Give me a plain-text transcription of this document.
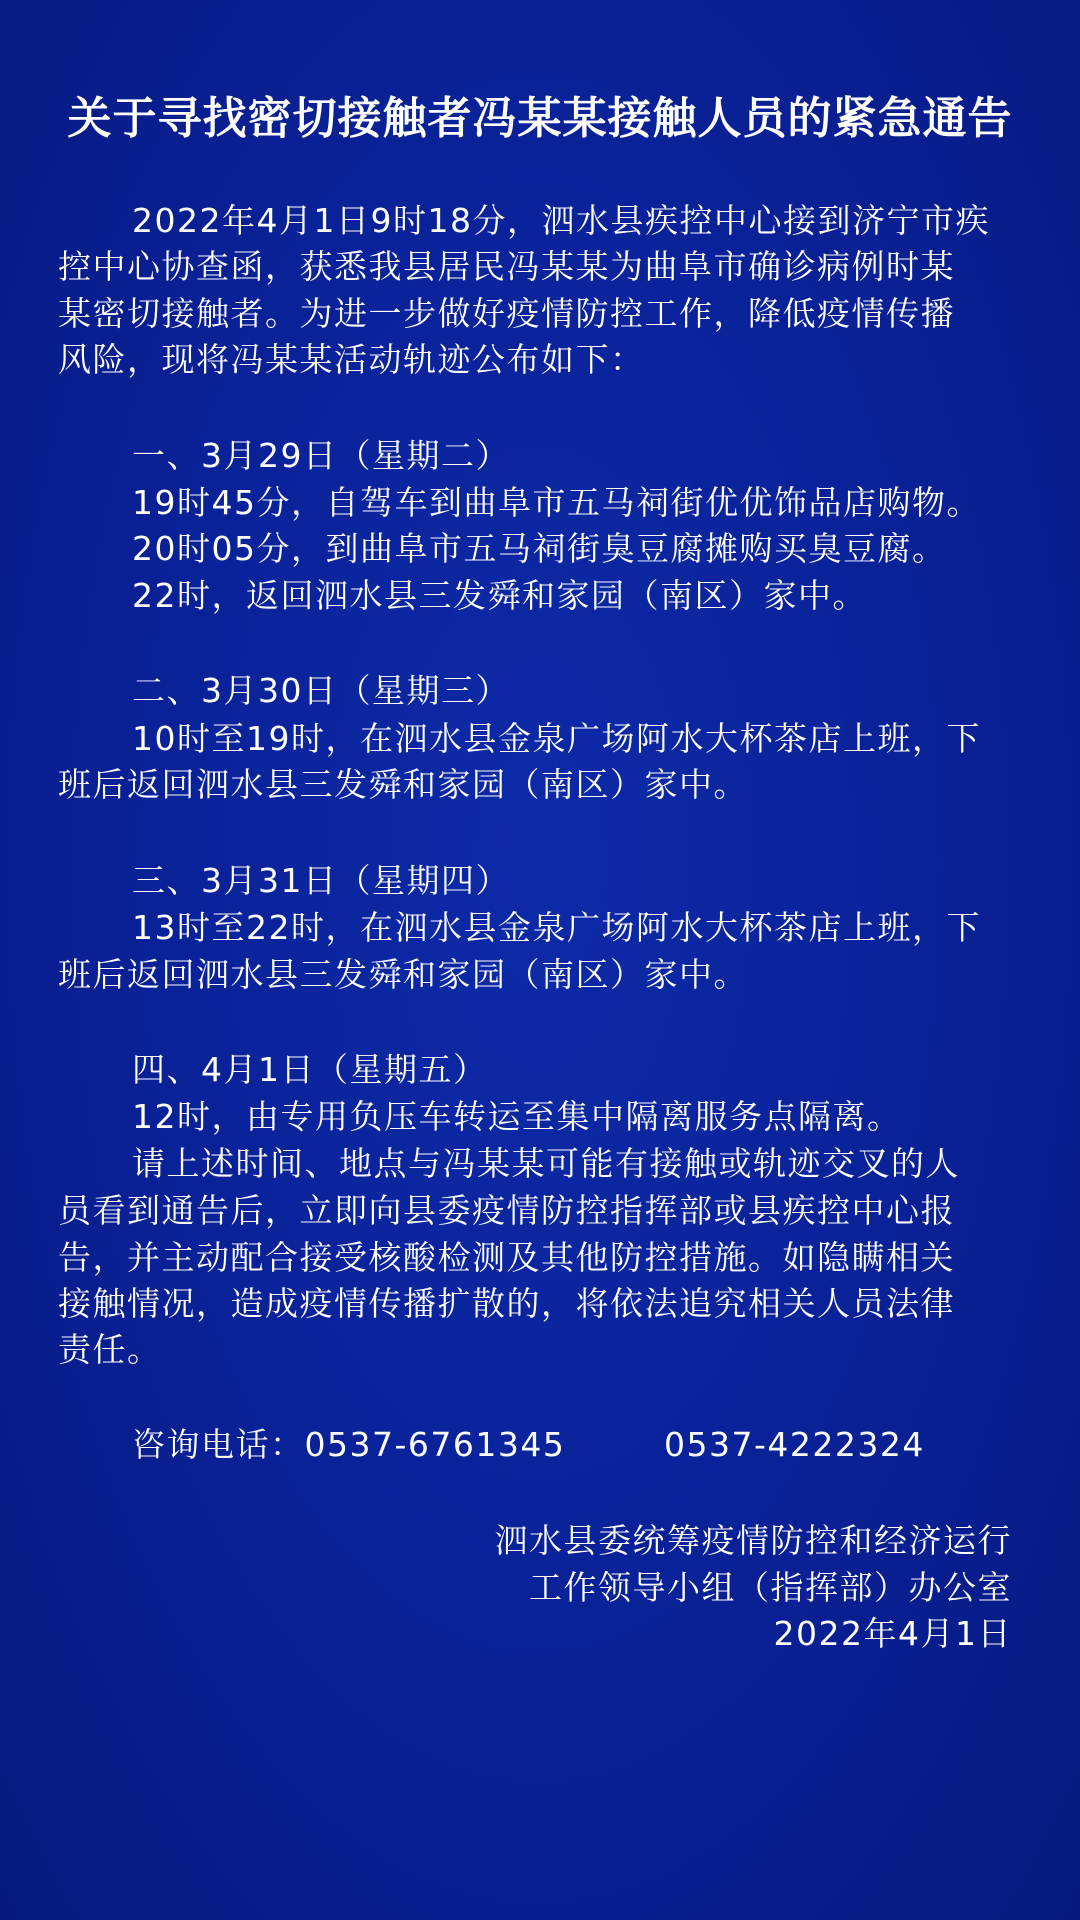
关于寻找密切接触者冯某某接触人员的紧急通告

2022年4月1日9时18分，泗水县疾控中心接到济宁市疾

控中心协查函，获悉我县居民冯某某为曲阜市确诊病例时某

某密切接触者。为进一步做好疫情防控工作，降低疫情传播

风险，现将冯某某活动轨迹公布如下：

一、3月29日（星期二）

19时45分，自驾车到曲阜市五马祠街优优饰品店购物。

20时05分，到曲阜市五马祠街臭豆腐摊购买臭豆腐。

22时，返回泗水县三发舜和家园（南区）家中。

二、3月30日（星期三）

10时至19时，在泗水县金泉广场阿水大杯茶店上班，下

班后返回泗水县三发舜和家园（南区）家中。

三、3月31日（星期四）

13时至22时，在泗水县金泉广场阿水大杯茶店上班，下

班后返回泗水县三发舜和家园（南区）家中。

四、4月1日（星期五）

12时，由专用负压车转运至集中隔离服务点隔离。

请上述时间、地点与冯某某可能有接触或轨迹交叉的人

员看到通告后，立即向县委疫情防控指挥部或县疾控中心报

告，并主动配合接受核酸检测及其他防控措施。如隐瞒相关

接触情况，造成疫情传播扩散的，将依法追究相关人员法律

责任。

咨询电话：0537-6761345	0537-4222324

泗水县委统筹疫情防控和经济运行

工作领导小组（指挥部）办公室

2022年4月1日
